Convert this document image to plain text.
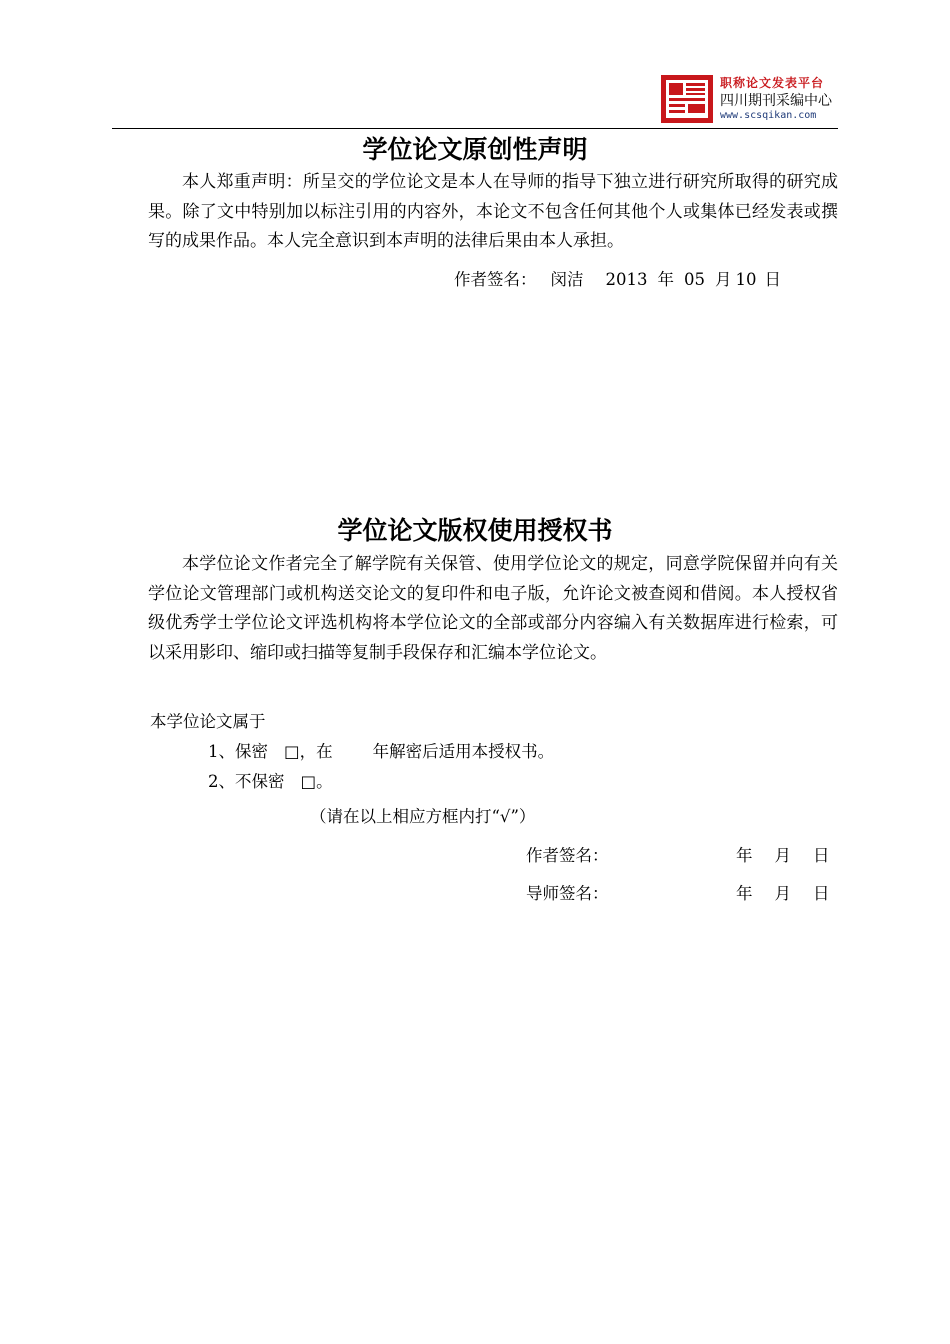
职称论文发表平台
四川期刊采编中心
www.scsqikan.com
学位论文原创性声明
本人郑重声明：所呈交的学位论文是本人在导师的指导下独立进行研究所取得的研究成果。除了文中特别加以标注引用的内容外，本论文不包含任何其他个人或集体已经发表或撰写的成果作品。本人完全意识到本声明的法律后果由本人承担。
作者签名： 闵洁 2013 年 05 月 10 日
学位论文版权使用授权书
本学位论文作者完全了解学院有关保管、使用学位论文的规定，同意学院保留并向有关学位论文管理部门或机构送交论文的复印件和电子版，允许论文被查阅和借阅。本人授权省级优秀学士学位论文评选机构将本学位论文的全部或部分内容编入有关数据库进行检索，可以采用影印、缩印或扫描等复制手段保存和汇编本学位论文。
本学位论文属于
1、保密 □，在 年解密后适用本授权书。
2、不保密 □。
（请在以上相应方框内打“√”）
作者签名：	年 月 日
导师签名：	年 月 日
